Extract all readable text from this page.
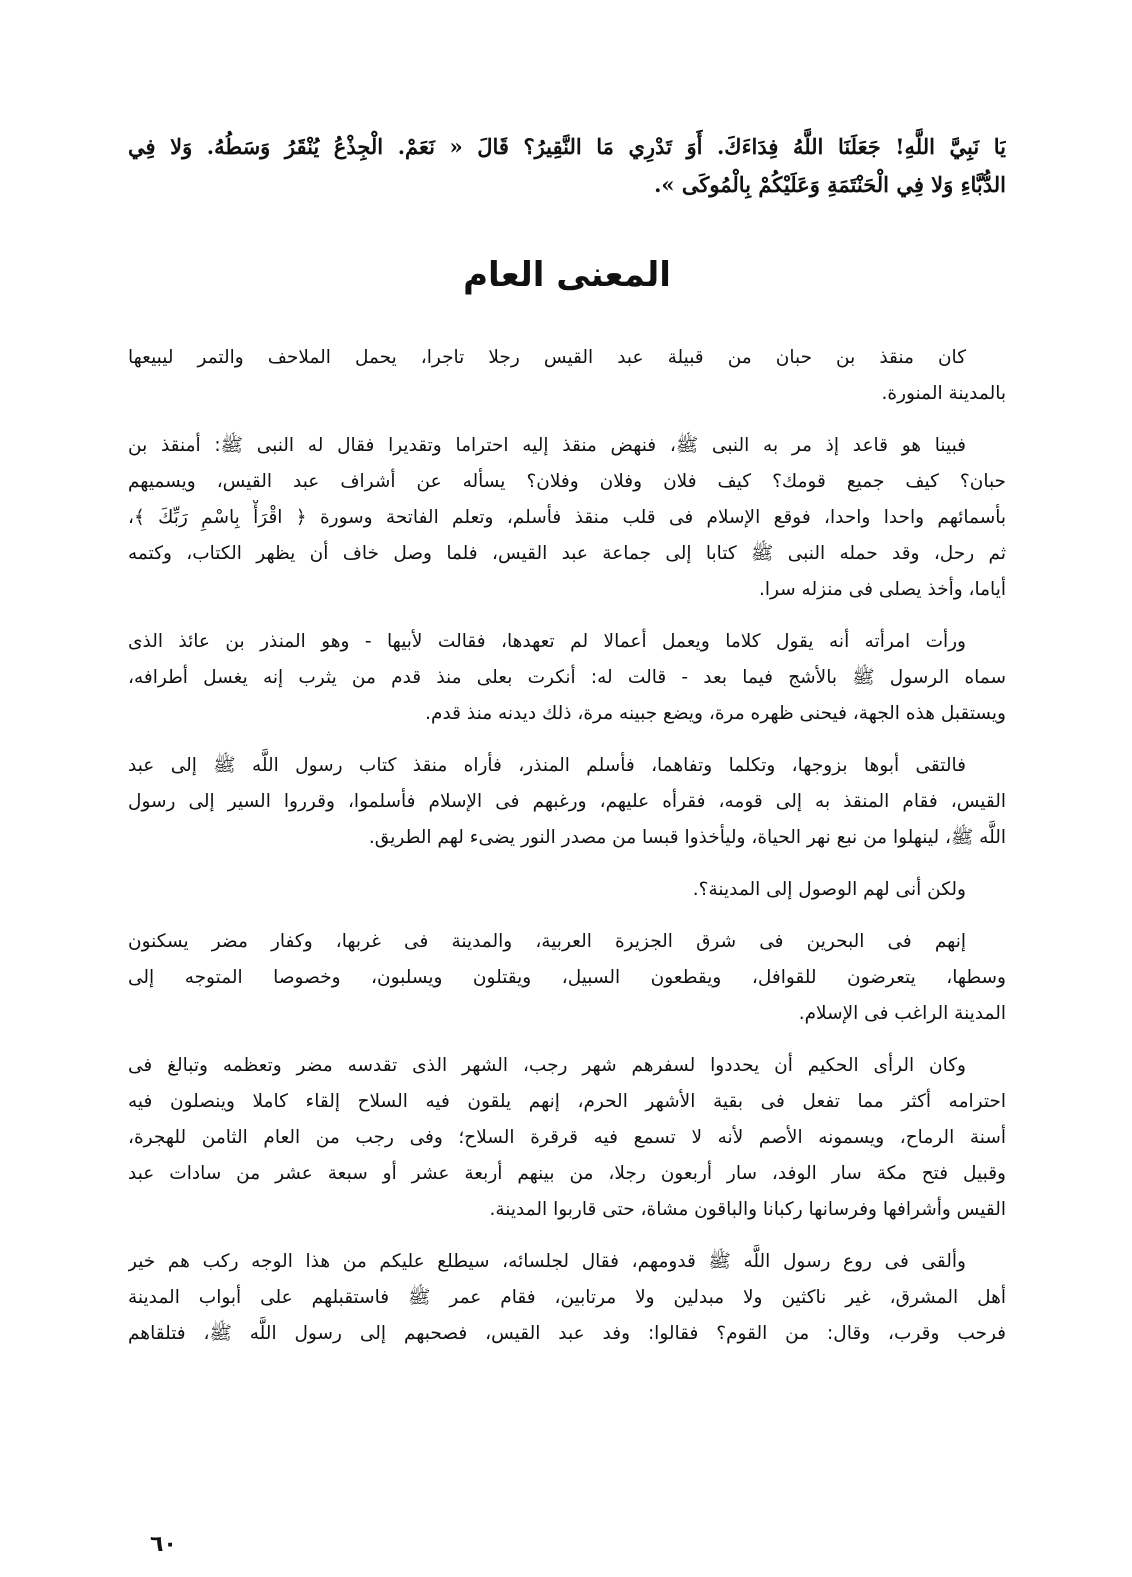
يَا نَبِيَّ اللَّهِ! جَعَلَنَا اللَّهُ فِدَاءَكَ. أَوَ تَدْرِي مَا النَّقِيرُ؟ قَالَ « نَعَمْ. الْجِذْعُ يُنْقَرُ وَسَطُهُ. وَلا فِي
الدُّبَّاءِ وَلا فِي الْحَنْتَمَةِ وَعَلَيْكُمْ بِالْمُوكَى ».
المعنى العام
كان منقذ بن حبان من قبيلة عبد القيس رجلا تاجرا، يحمل الملاحف والتمر ليبيعها
بالمدينة المنورة.
فبينا هو قاعد إذ مر به النبى ﷺ، فنهض منقذ إليه احتراما وتقديرا فقال له النبى ﷺ: أمنقذ بن
حبان؟ كيف جميع قومك؟ كيف فلان وفلان وفلان؟ يسأله عن أشراف عبد القيس، ويسميهم
بأسمائهم واحدا واحدا، فوقع الإسلام فى قلب منقذ فأسلم، وتعلم الفاتحة وسورة ﴿ اقْرَأْ بِاسْمِ رَبِّكَ ﴾،
ثم رحل، وقد حمله النبى ﷺ كتابا إلى جماعة عبد القيس، فلما وصل خاف أن يظهر الكتاب، وكتمه
أياما، وأخذ يصلى فى منزله سرا.
ورأت امرأته أنه يقول كلاما ويعمل أعمالا لم تعهدها، فقالت لأبيها - وهو المنذر بن عائذ الذى
سماه الرسول ﷺ بالأشج فيما بعد - قالت له: أنكرت بعلى منذ قدم من يثرب إنه يغسل أطرافه،
ويستقبل هذه الجهة، فيحنى ظهره مرة، ويضع جبينه مرة، ذلك ديدنه منذ قدم.
فالتقى أبوها بزوجها، وتكلما وتفاهما، فأسلم المنذر، فأراه منقذ كتاب رسول اللَّه ﷺ إلى عبد
القيس، فقام المنقذ به إلى قومه، فقرأه عليهم، ورغبهم فى الإسلام فأسلموا، وقرروا السير إلى رسول
اللَّه ﷺ، لينهلوا من نبع نهر الحياة، وليأخذوا قبسا من مصدر النور يضىء لهم الطريق.
ولكن أنى لهم الوصول إلى المدينة؟.
إنهم فى البحرين فى شرق الجزيرة العربية، والمدينة فى غربها، وكفار مضر يسكنون
وسطها، يتعرضون للقوافل، ويقطعون السبيل، ويقتلون ويسلبون، وخصوصا المتوجه إلى
المدينة الراغب فى الإسلام.
وكان الرأى الحكيم أن يحددوا لسفرهم شهر رجب، الشهر الذى تقدسه مضر وتعظمه وتبالغ فى
احترامه أكثر مما تفعل فى بقية الأشهر الحرم، إنهم يلقون فيه السلاح إلقاء كاملا وينصلون فيه
أسنة الرماح، ويسمونه الأصم لأنه لا تسمع فيه قرقرة السلاح؛ وفى رجب من العام الثامن للهجرة،
وقبيل فتح مكة سار الوفد، سار أربعون رجلا، من بينهم أربعة عشر أو سبعة عشر من سادات عبد
القيس وأشرافها وفرسانها ركبانا والباقون مشاة، حتى قاربوا المدينة.
وألقى فى روع رسول اللَّه ﷺ قدومهم، فقال لجلسائه، سيطلع عليكم من هذا الوجه ركب هم خير
أهل المشرق، غير ناكثين ولا مبدلين ولا مرتابين، فقام عمر ﷺ فاستقبلهم على أبواب المدينة
فرحب وقرب، وقال: من القوم؟ فقالوا: وفد عبد القيس، فصحبهم إلى رسول اللَّه ﷺ، فتلقاهم
٦٠
